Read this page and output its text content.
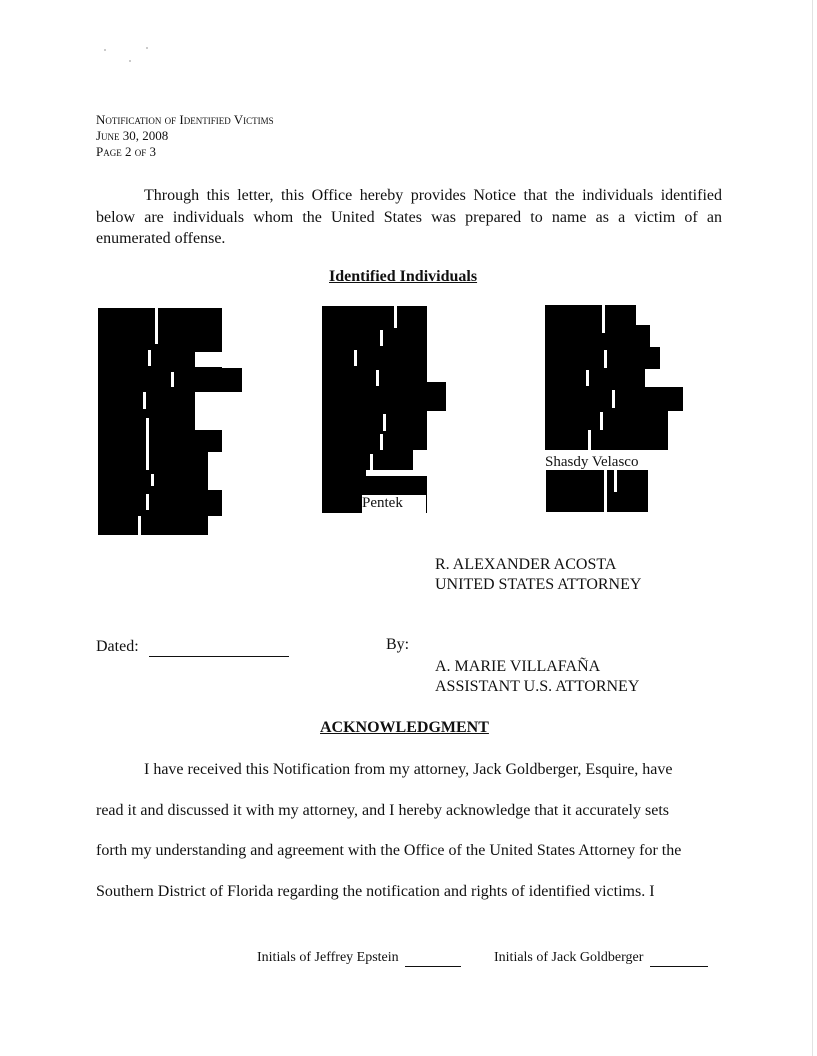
Notification of Identified Victims
June 30, 2008
Page 2 of 3
Through this letter, this Office hereby provides Notice that the individuals identified below are individuals whom the United States was prepared to name as a victim of an enumerated offense.
Identified Individuals
Pentek
Shasdy Velasco
R. ALEXANDER ACOSTA
UNITED STATES ATTORNEY
Dated:	By:
A. MARIE VILLAFAÑA
ASSISTANT U.S. ATTORNEY
ACKNOWLEDGMENT
I have received this Notification from my attorney, Jack Goldberger, Esquire, have
read it and discussed it with my attorney, and I hereby acknowledge that it accurately sets
forth my understanding and agreement with the Office of the United States Attorney for the
Southern District of Florida regarding the notification and rights of identified victims. I
Initials of Jeffrey Epstein	Initials of Jack Goldberger
